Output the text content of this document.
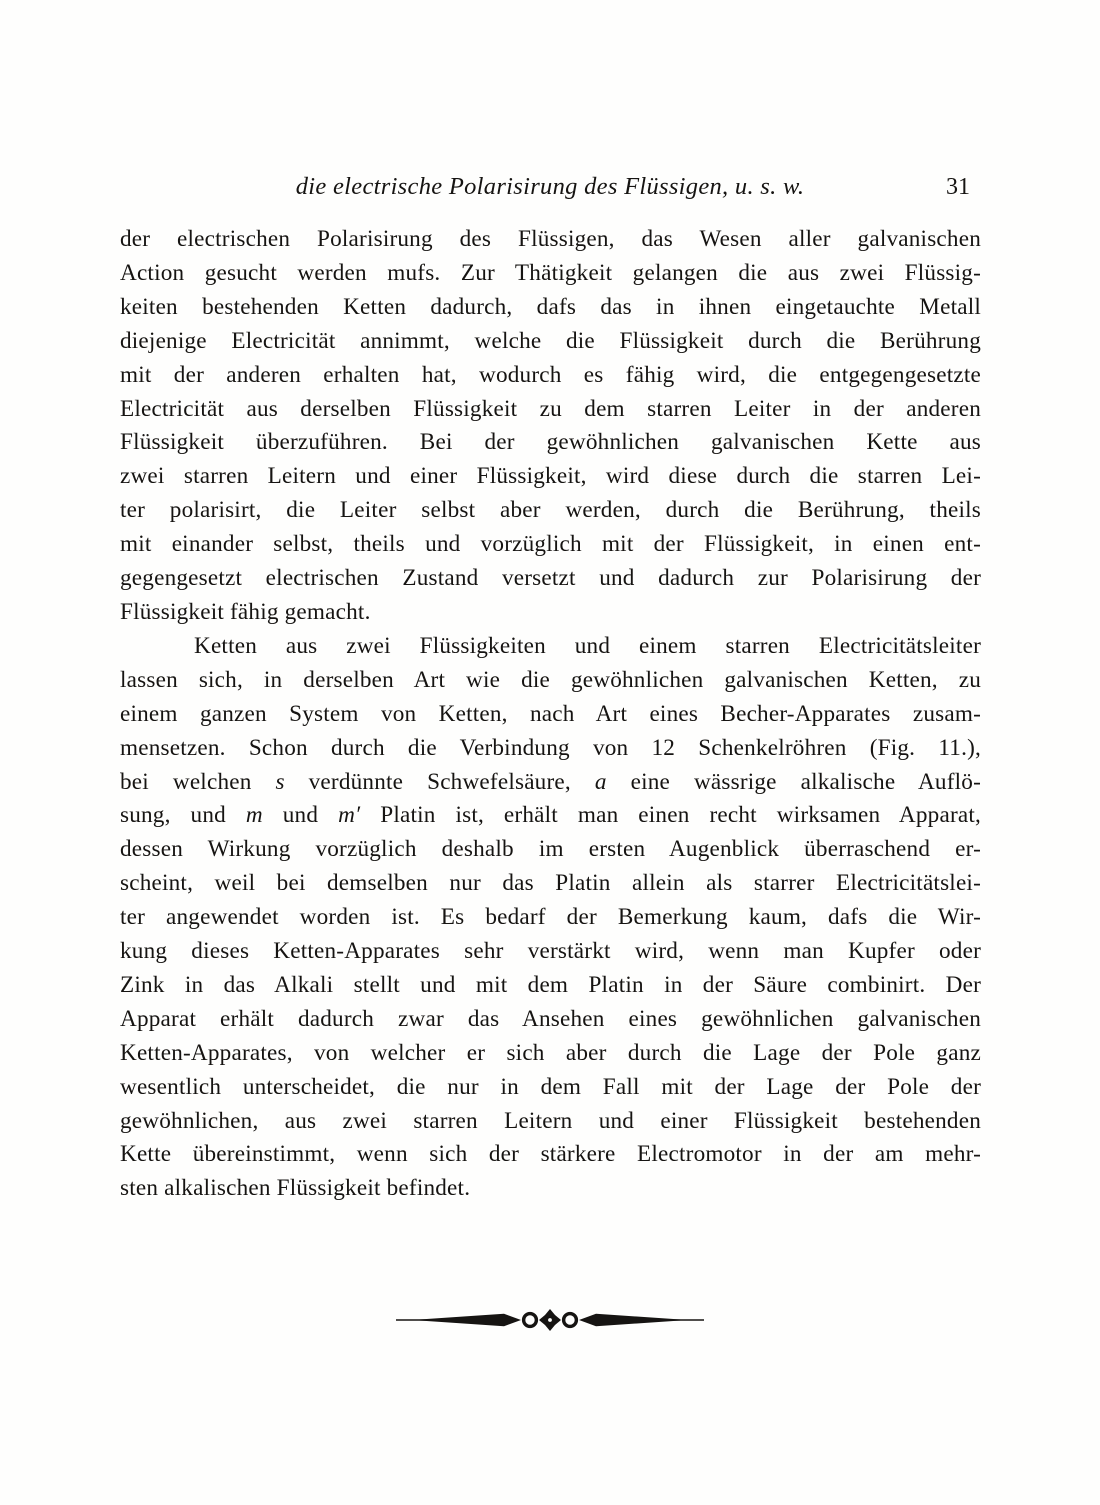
die electrische Polarisirung des Flüssigen, u. s. w.	31
der electrischen Polarisirung des Flüssigen, das Wesen aller galvanischen
Action gesucht werden mufs. Zur Thätigkeit gelangen die aus zwei Flüssig-
keiten bestehenden Ketten dadurch, dafs das in ihnen eingetauchte Metall
diejenige Electricität annimmt, welche die Flüssigkeit durch die Berührung
mit der anderen erhalten hat, wodurch es fähig wird, die entgegengesetzte
Electricität aus derselben Flüssigkeit zu dem starren Leiter in der anderen
Flüssigkeit überzuführen. Bei der gewöhnlichen galvanischen Kette aus
zwei starren Leitern und einer Flüssigkeit, wird diese durch die starren Lei-
ter polarisirt, die Leiter selbst aber werden, durch die Berührung, theils
mit einander selbst, theils und vorzüglich mit der Flüssigkeit, in einen ent-
gegengesetzt electrischen Zustand versetzt und dadurch zur Polarisirung der
Flüssigkeit fähig gemacht.
Ketten aus zwei Flüssigkeiten und einem starren Electricitätsleiter
lassen sich, in derselben Art wie die gewöhnlichen galvanischen Ketten, zu
einem ganzen System von Ketten, nach Art eines Becher-Apparates zusam-
mensetzen. Schon durch die Verbindung von 12 Schenkelröhren (Fig. 11.),
bei welchen s verdünnte Schwefelsäure, a eine wässrige alkalische Auflö-
sung, und m und m′ Platin ist, erhält man einen recht wirksamen Apparat,
dessen Wirkung vorzüglich deshalb im ersten Augenblick überraschend er-
scheint, weil bei demselben nur das Platin allein als starrer Electricitätslei-
ter angewendet worden ist. Es bedarf der Bemerkung kaum, dafs die Wir-
kung dieses Ketten-Apparates sehr verstärkt wird, wenn man Kupfer oder
Zink in das Alkali stellt und mit dem Platin in der Säure combinirt. Der
Apparat erhält dadurch zwar das Ansehen eines gewöhnlichen galvanischen
Ketten-Apparates, von welcher er sich aber durch die Lage der Pole ganz
wesentlich unterscheidet, die nur in dem Fall mit der Lage der Pole der
gewöhnlichen, aus zwei starren Leitern und einer Flüssigkeit bestehenden
Kette übereinstimmt, wenn sich der stärkere Electromotor in der am mehr-
sten alkalischen Flüssigkeit befindet.
